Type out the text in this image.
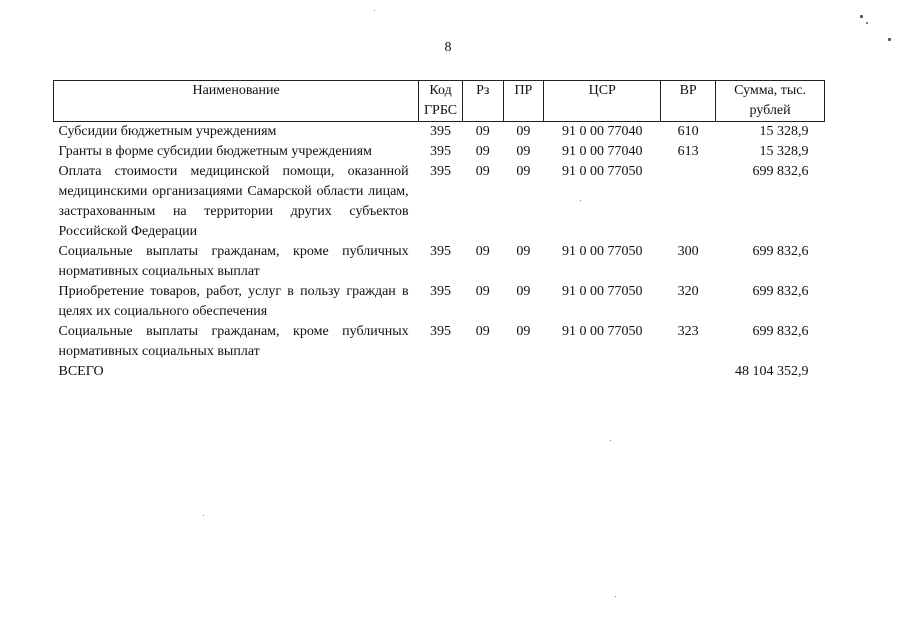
8
Наименование	Код ГРБС	Рз	ПР	ЦСР	ВР	Сумма, тыс. рублей
Субсидии бюджетным учреждениям	395	09	09	91 0 00 77040	610	15 328,9
Гранты в форме субсидии бюджетным учреждениям	395	09	09	91 0 00 77040	613	15 328,9
Оплата стоимости медицинской помощи, оказанной медицинскими организациями Самарской области лицам, застрахованным на территории других субъектов Российской Федерации	395	09	09	91 0 00 77050		699 832,6
Социальные выплаты гражданам, кроме публичных нормативных социальных выплат	395	09	09	91 0 00 77050	300	699 832,6
Приобретение товаров, работ, услуг в пользу граждан в целях их социального обеспечения	395	09	09	91 0 00 77050	320	699 832,6
Социальные выплаты гражданам, кроме публичных нормативных социальных выплат	395	09	09	91 0 00 77050	323	699 832,6
ВСЕГО						48 104 352,9
